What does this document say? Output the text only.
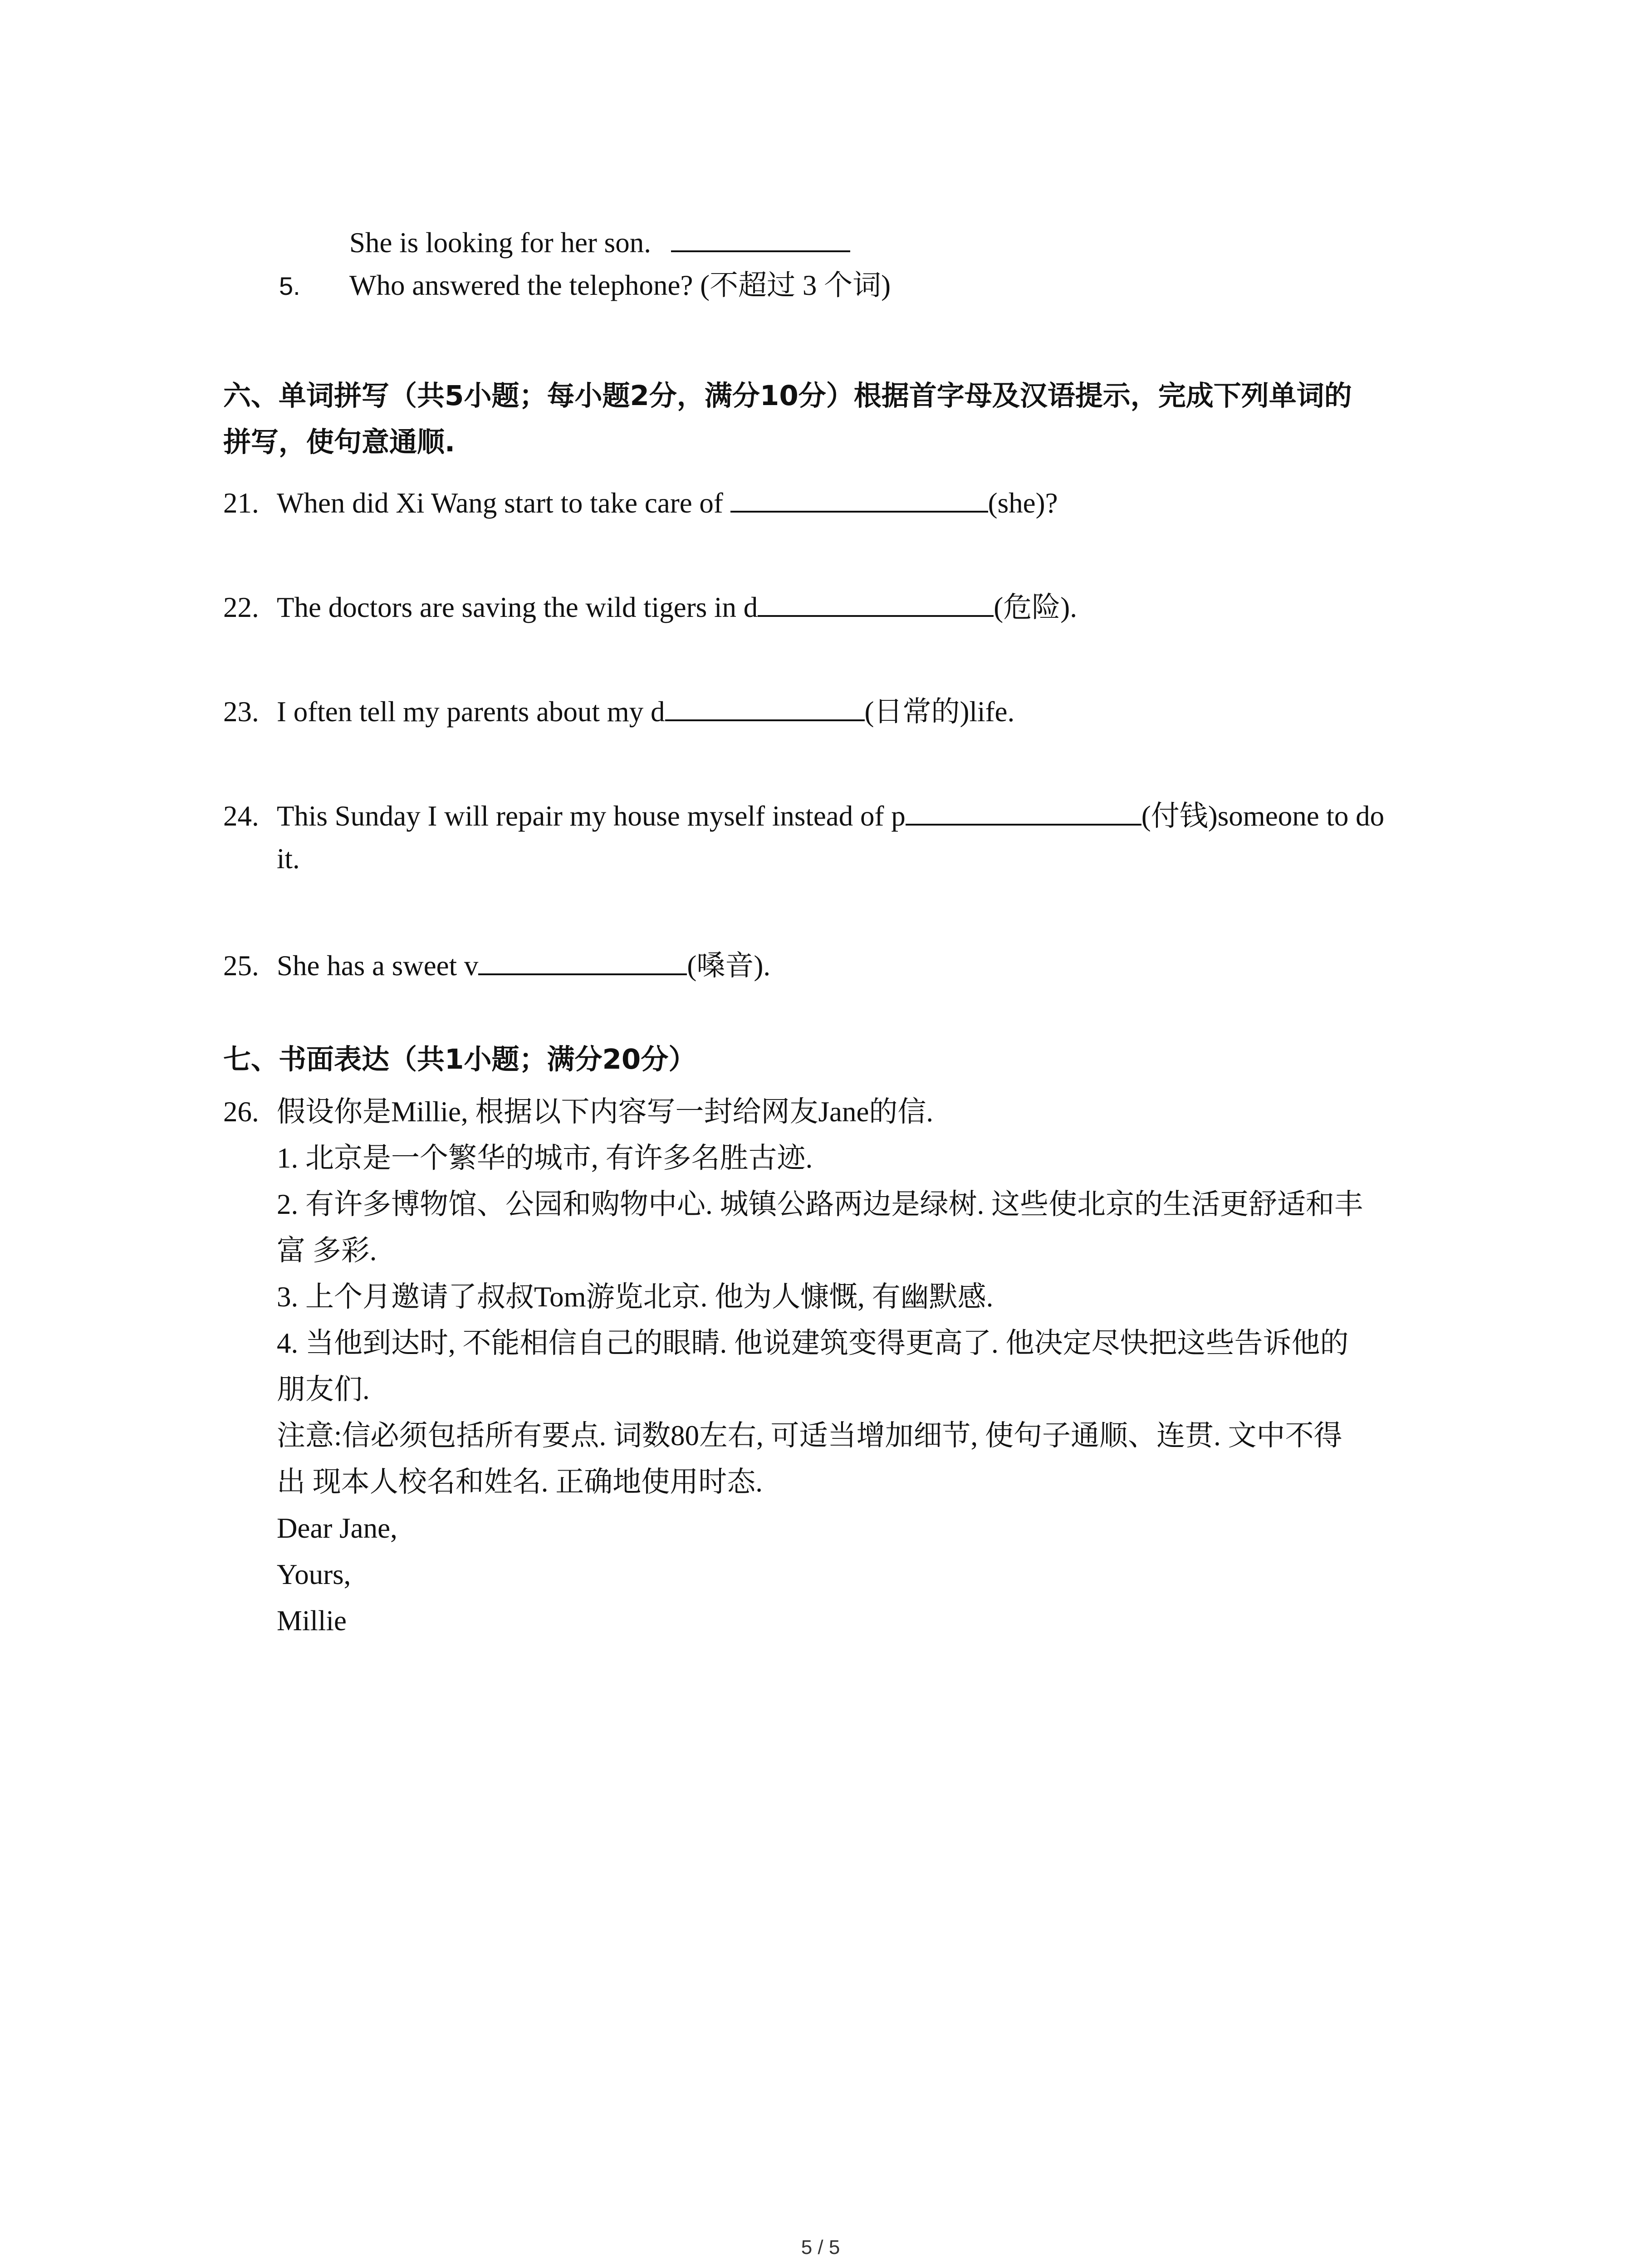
She is looking for her son.
5. Who answered the telephone? (不超过 3 个词)
六、单词拼写（共5小题；每小题2分，满分10分）根据首字母及汉语提示，完成下列单词的
拼写，使句意通顺.
21. When did Xi Wang start to take care of	(she)?
22. The doctors are saving the wild tigers in d	(危险).
23. I often tell my parents about my d	(日常的)life.
24. This Sunday I will repair my house myself instead of p	(付钱)someone to do
it.
25. She has a sweet v	(嗓音).
七、书面表达（共1小题；满分20分）
26. 假设你是Millie, 根据以下内容写一封给网友Jane的信.
1. 北京是一个繁华的城市, 有许多名胜古迹.
2. 有许多博物馆、公园和购物中心. 城镇公路两边是绿树. 这些使北京的生活更舒适和丰
富 多彩.
3. 上个月邀请了叔叔Tom游览北京. 他为人慷慨, 有幽默感.
4. 当他到达时, 不能相信自己的眼睛. 他说建筑变得更高了. 他决定尽快把这些告诉他的
朋友们.
注意:信必须包括所有要点. 词数80左右, 可适当增加细节, 使句子通顺、连贯. 文中不得
出 现本人校名和姓名. 正确地使用时态.
Dear Jane,
Yours,
Millie
5 / 5
